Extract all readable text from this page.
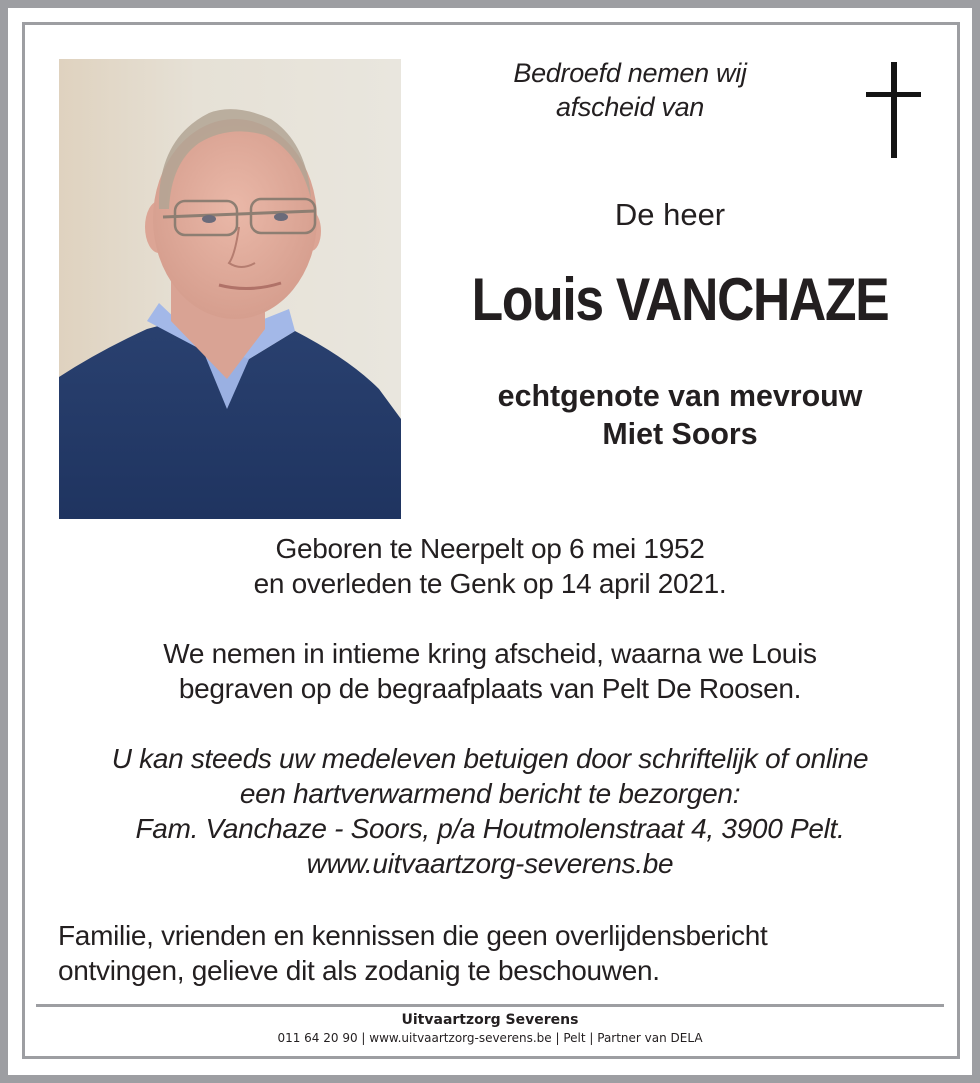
Bedroefd nemen wij
afscheid van
De heer
Louis VANCHAZE
echtgenote van mevrouw
Miet Soors
Geboren te Neerpelt op 6 mei 1952
en overleden te Genk op 14 april 2021.
We nemen in intieme kring afscheid, waarna we Louis
begraven op de begraafplaats van Pelt De Roosen.
U kan steeds uw medeleven betuigen door schriftelijk of online
een hartverwarmend bericht te bezorgen:
Fam. Vanchaze - Soors, p/a Houtmolenstraat 4, 3900 Pelt.
www.uitvaartzorg-severens.be
Familie, vrienden en kennissen die geen overlijdensbericht
ontvingen, gelieve dit als zodanig te beschouwen.
Uitvaartzorg Severens
011 64 20 90 | www.uitvaartzorg-severens.be | Pelt | Partner van DELA
